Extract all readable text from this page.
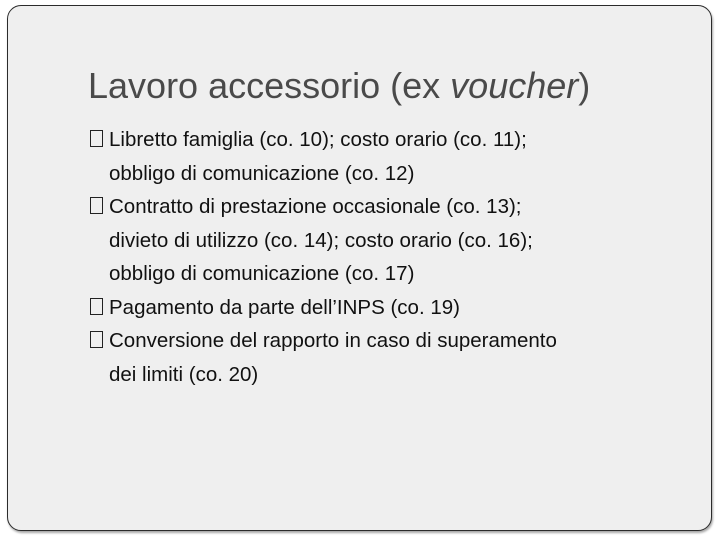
Lavoro accessorio (ex voucher)
Libretto famiglia (co. 10); costo orario (co. 11);
obbligo di comunicazione (co. 12)
Contratto di prestazione occasionale (co. 13);
divieto di utilizzo (co. 14); costo orario (co. 16);
obbligo di comunicazione (co. 17)
Pagamento da parte dell’INPS (co. 19)
Conversione del rapporto in caso di superamento
dei limiti (co. 20)
